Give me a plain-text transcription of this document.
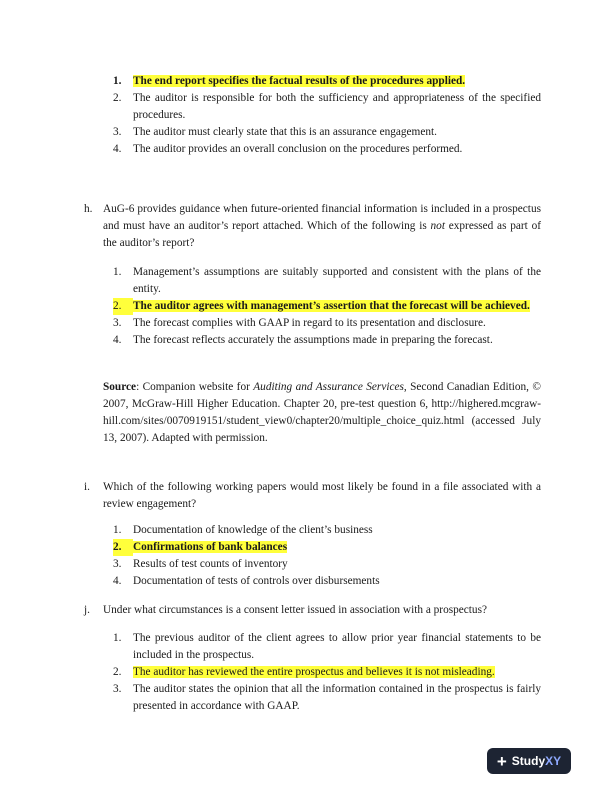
1.	The end report specifies the factual results of the procedures applied.
2.	The auditor is responsible for both the sufficiency and appropriateness of the specified procedures.
3.	The auditor must clearly state that this is an assurance engagement.
4.	The auditor provides an overall conclusion on the procedures performed.
h. AuG-6 provides guidance when future-oriented financial information is included in a prospectus and must have an auditor’s report attached. Which of the following is not expressed as part of the auditor’s report?
1.	Management’s assumptions are suitably supported and consistent with the plans of the entity.
2.	The auditor agrees with management’s assertion that the forecast will be achieved.
3.	The forecast complies with GAAP in regard to its presentation and disclosure.
4.	The forecast reflects accurately the assumptions made in preparing the forecast.
Source: Companion website for Auditing and Assurance Services, Second Canadian Edition, © 2007, McGraw-Hill Higher Education. Chapter 20, pre-test question 6, http://highered.mcgraw-hill.com/sites/0070919151/student_view0/chapter20/multiple_choice_quiz.html (accessed July 13, 2007). Adapted with permission.
i.	Which of the following working papers would most likely be found in a file associated with a review engagement?
1.	Documentation of knowledge of the client’s business
2.	Confirmations of bank balances
3.	Results of test counts of inventory
4.	Documentation of tests of controls over disbursements
j.	Under what circumstances is a consent letter issued in association with a prospectus?
1.	The previous auditor of the client agrees to allow prior year financial statements to be included in the prospectus.
2.	The auditor has reviewed the entire prospectus and believes it is not misleading.
3.	The auditor states the opinion that all the information contained in the prospectus is fairly presented in accordance with GAAP.
+ StudyXY
